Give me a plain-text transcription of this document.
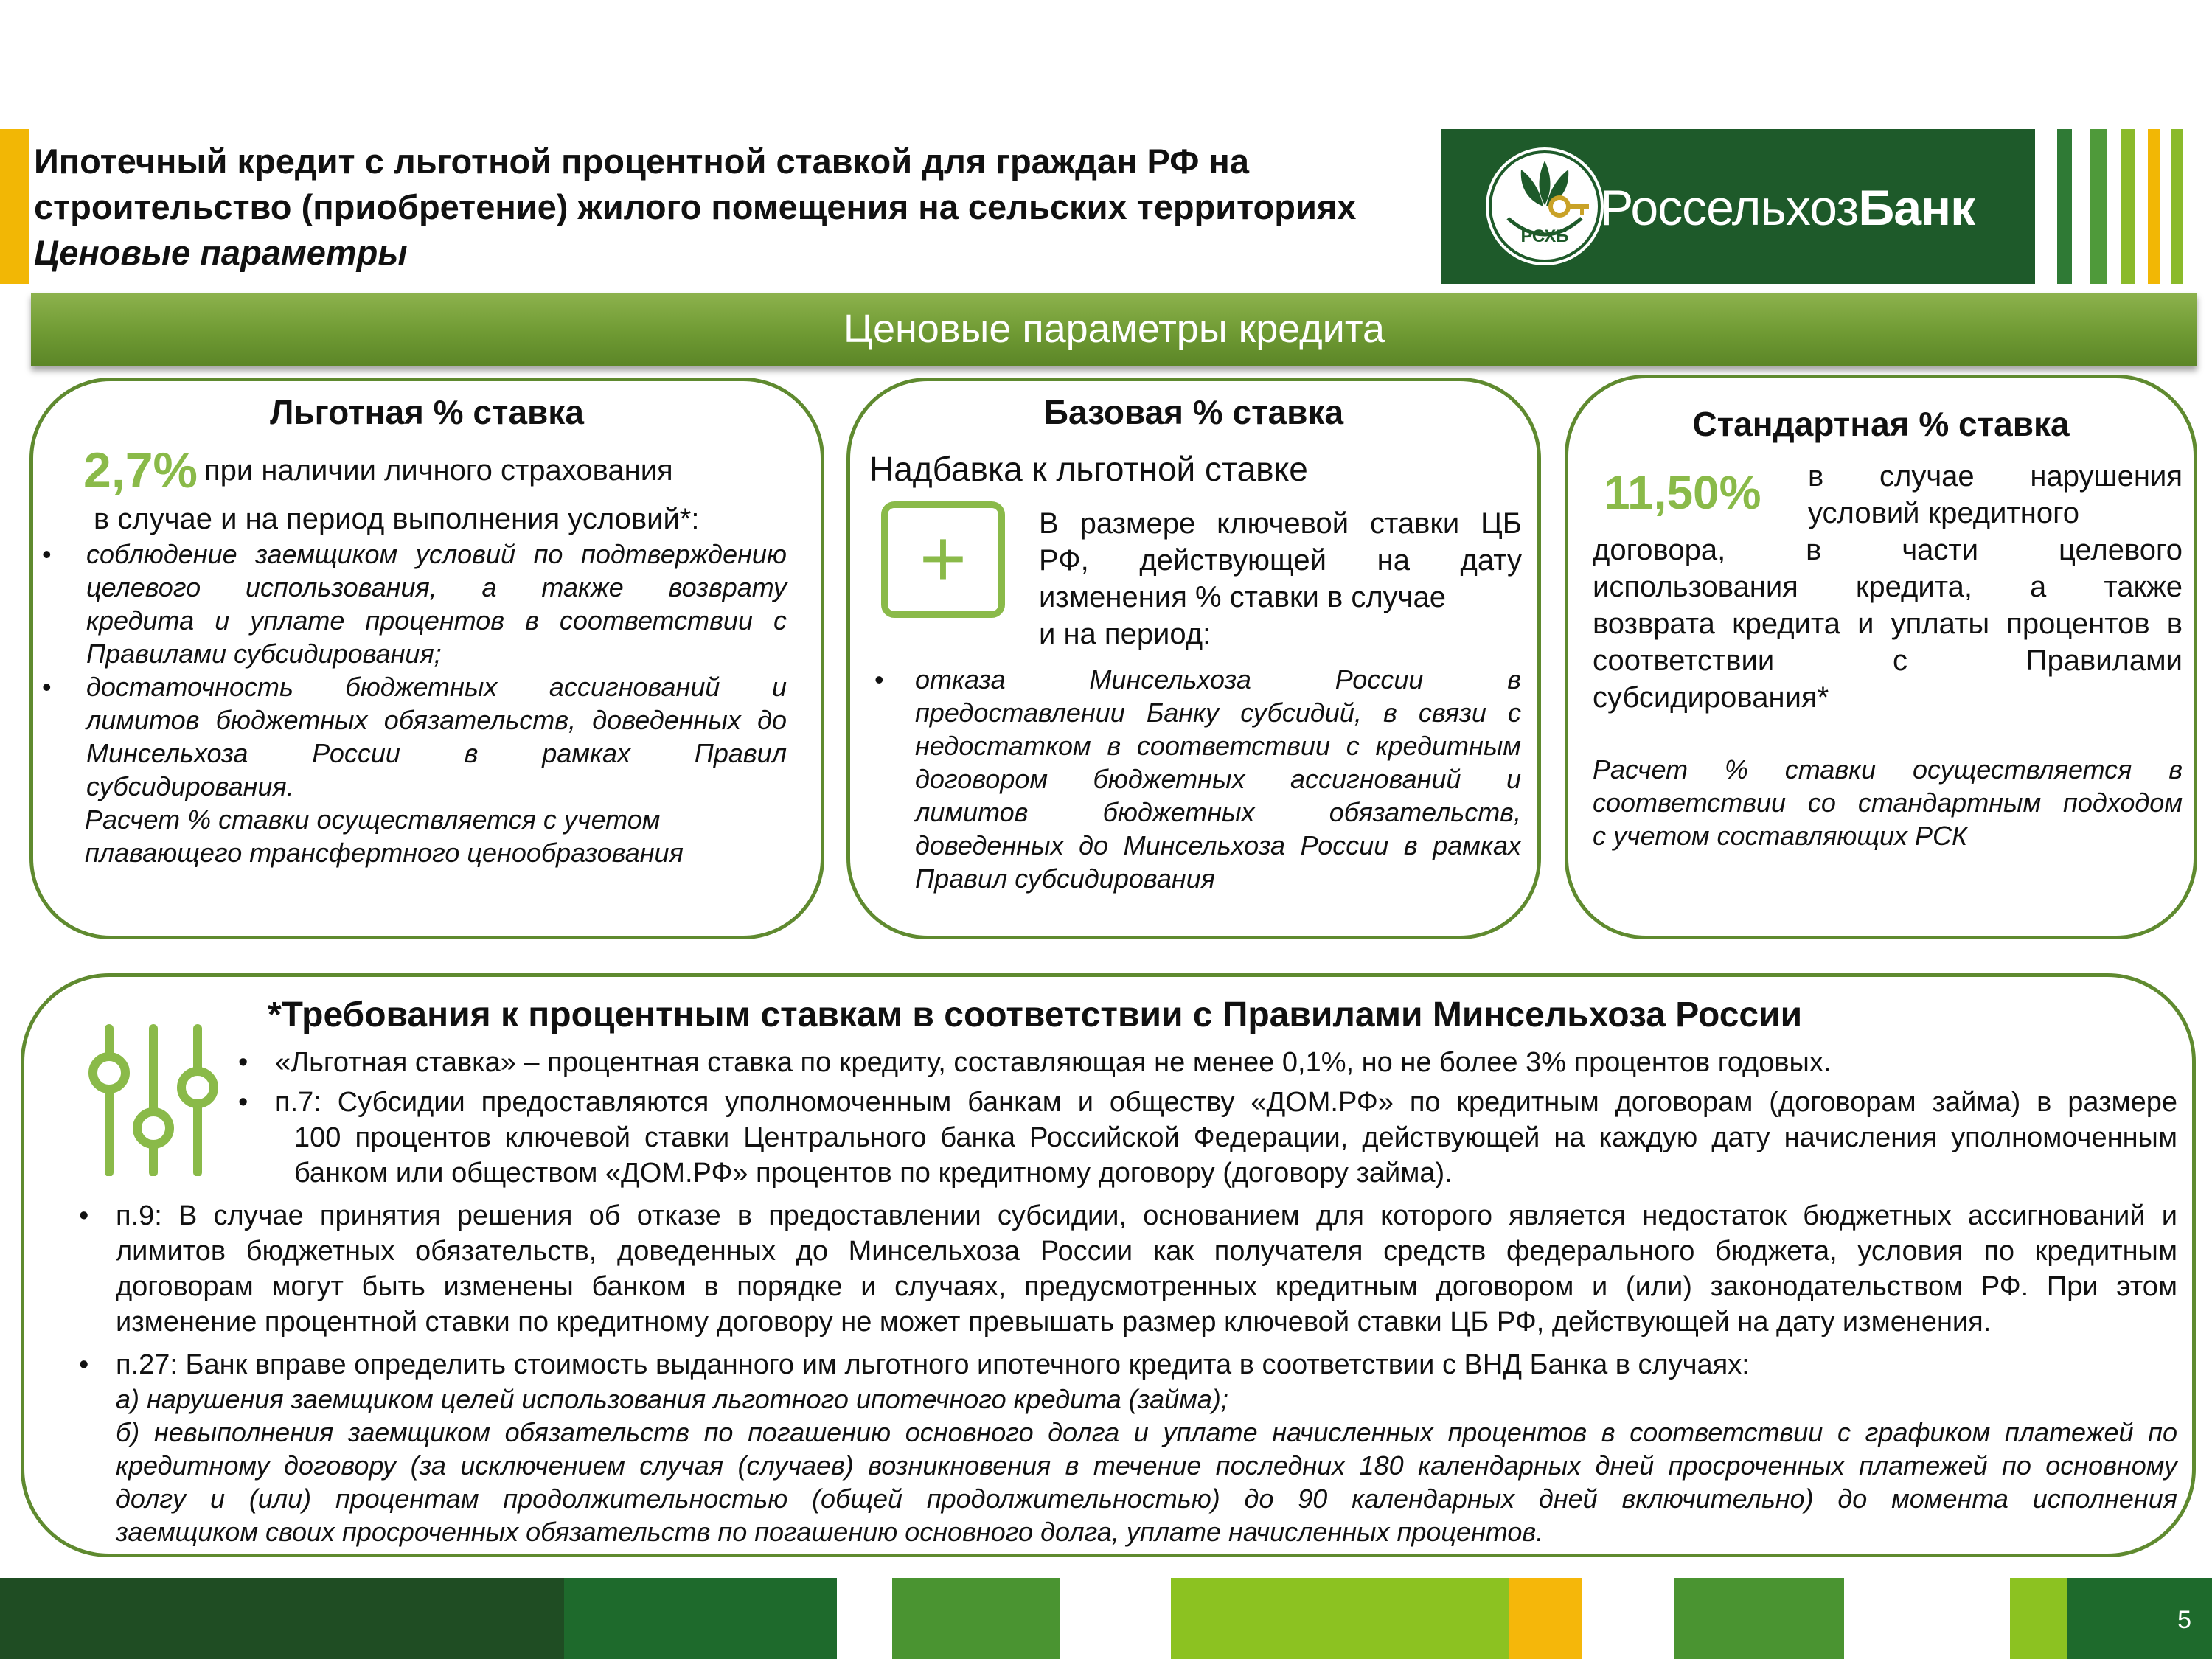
Ипотечный кредит с льготной процентной ставкой для граждан РФ на
строительство (приобретение) жилого помещения на сельских территориях
Ценовые параметры	РСХБ
РоссельхозБанк
Ценовые параметры кредита
Льготная % ставка
2,7% при наличии личного страхования
в случае и на период выполнения условий*:
• соблюдение заемщиком условий по подтверждению
целевого использования, а также возврату
кредита и уплате процентов в соответствии с
Правилами субсидирования;
• достаточность бюджетных ассигнований и
лимитов бюджетных обязательств, доведенных до
Минсельхоза России в рамках Правил
субсидирования.
Расчет % ставки осуществляется с учетом
плавающего трансфертного ценообразования
Базовая % ставка
Надбавка к льготной ставке
+	В размере ключевой ставки ЦБ
РФ, действующей на дату
изменения % ставки в случае
и на период:
• отказа Минсельхоза России в
предоставлении Банку субсидий, в связи с
недостатком в соответствии с кредитным
договором бюджетных ассигнований и
лимитов бюджетных обязательств,
доведенных до Минсельхоза России в рамках
Правил субсидирования
Стандартная % ставка
11,50% в случае нарушения
условий кредитного
договора, в части целевого
использования кредита, а также
возврата кредита и уплаты процентов в
соответствии с Правилами
субсидирования*
Расчет % ставки осуществляется в
соответствии со стандартным подходом
с учетом составляющих РСК
*Требования к процентным ставкам в соответствии с Правилами Минсельхоза России
• «Льготная ставка» – процентная ставка по кредиту, составляющая не менее 0,1%, но не более 3% процентов годовых.
• п.7: Субсидии предоставляются уполномоченным банкам и обществу «ДОМ.РФ» по кредитным договорам (договорам займа) в размере
100 процентов ключевой ставки Центрального банка Российской Федерации, действующей на каждую дату начисления уполномоченным
банком или обществом «ДОМ.РФ» процентов по кредитному договору (договору займа).
• п.9: В случае принятия решения об отказе в предоставлении субсидии, основанием для которого является недостаток бюджетных ассигнований и
лимитов бюджетных обязательств, доведенных до Минсельхоза России как получателя средств федерального бюджета, условия по кредитным
договорам могут быть изменены банком в порядке и случаях, предусмотренных кредитным договором и (или) законодательством РФ. При этом
изменение процентной ставки по кредитному договору не может превышать размер ключевой ставки ЦБ РФ, действующей на дату изменения.
• п.27: Банк вправе определить стоимость выданного им льготного ипотечного кредита в соответствии с ВНД Банка в случаях:
а) нарушения заемщиком целей использования льготного ипотечного кредита (займа);
б) невыполнения заемщиком обязательств по погашению основного долга и уплате начисленных процентов в соответствии с графиком платежей по
кредитному договору (за исключением случая (случаев) возникновения в течение последних 180 календарных дней просроченных платежей по основному
долгу и (или) процентам продолжительностью (общей продолжительностью) до 90 календарных дней включительно) до момента исполнения
заемщиком своих просроченных обязательств по погашению основного долга, уплате начисленных процентов.
5
